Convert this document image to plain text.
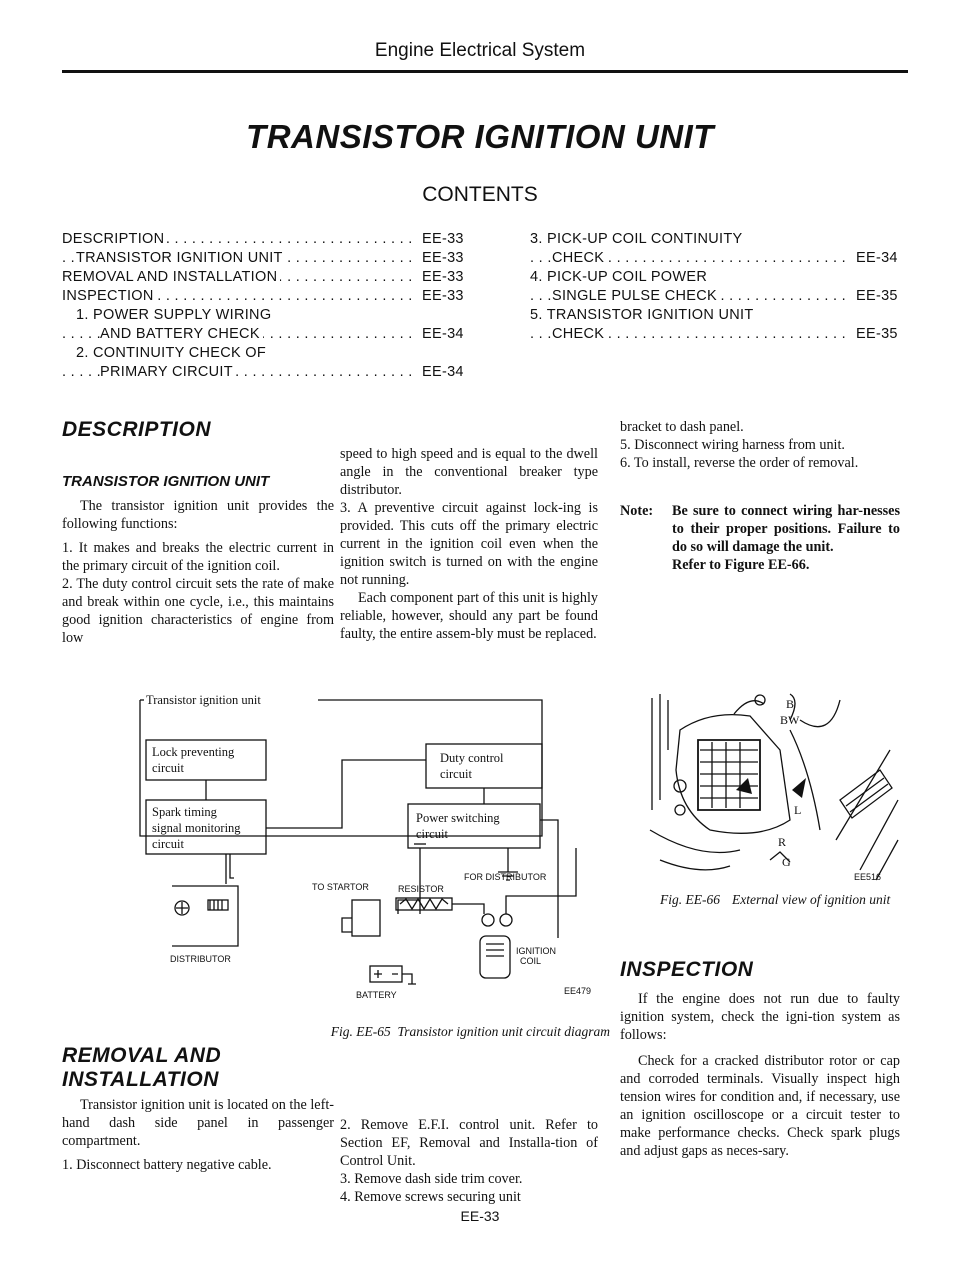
Engine Electrical System
TRANSISTOR IGNITION UNIT
CONTENTS
. . .
DESCRIPTION	EE-33
. . .
TRANSISTOR IGNITION UNIT	EE-33
. . .
REMOVAL AND INSTALLATION	EE-33
. . .
INSPECTION	EE-33
1. POWER SUPPLY WIRING
. . .
AND BATTERY CHECK	EE-34
2. CONTINUITY CHECK OF
. . .
PRIMARY CIRCUIT	EE-34
3. PICK-UP COIL CONTINUITY
. . .
CHECK	EE-34
4. PICK-UP COIL POWER
. . .
SINGLE PULSE CHECK	EE-35
5. TRANSISTOR IGNITION UNIT
. . .
CHECK	EE-35
DESCRIPTION
TRANSISTOR IGNITION UNIT

The transistor ignition unit provides the following functions:

1. It makes and breaks the electric current in the primary circuit of the ignition coil.

2. The duty control circuit sets the rate of make and break within one cycle, i.e., this maintains good ignition characteristics of engine from low

speed to high speed and is equal to the dwell angle in the conventional breaker type distributor.

3. A preventive circuit against lock-ing is provided. This cuts off the primary electric current in the ignition coil even when the ignition switch is turned on with the engine not running.

Each component part of this unit is highly reliable, however, should any part be found faulty, the entire assem-bly must be replaced.

bracket to dash panel.

5. Disconnect wiring harness from unit.

6. To install, reverse the order of removal.

Note: Be sure to connect wiring har-nesses to their proper positions. Failure to do so will damage the unit.
Refer to Figure EE-66.
Transistor ignition unit
Lock preventing
circuit
Spark timing
signal monitoring
circuit
Duty control
circuit
Power switching
circuit
TO STARTOR	RESISTOR
FOR DISTRIBUTOR
DISTRIBUTOR
BATTERY
IGNITION
COIL
EE479
Fig. EE-65 Transistor ignition unit circuit diagram
B
BW
L
R
G
EE516
Fig. EE-66 External view of ignition unit
REMOVAL AND
INSTALLATION

Transistor ignition unit is located on the left-hand dash side panel in passenger compartment.

1. Disconnect battery negative cable.

2. Remove E.F.I. control unit. Refer to Section EF, Removal and Installa-tion of Control Unit.

3. Remove dash side trim cover.

4. Remove screws securing unit

INSPECTION

If the engine does not run due to faulty ignition system, check the igni-tion system as follows:

Check for a cracked distributor rotor or cap and corroded terminals. Visually inspect high tension wires for condition and, if necessary, use an ignition oscilloscope or a circuit tester to make performance checks. Check spark plugs and adjust gaps as neces-sary.

EE-33
